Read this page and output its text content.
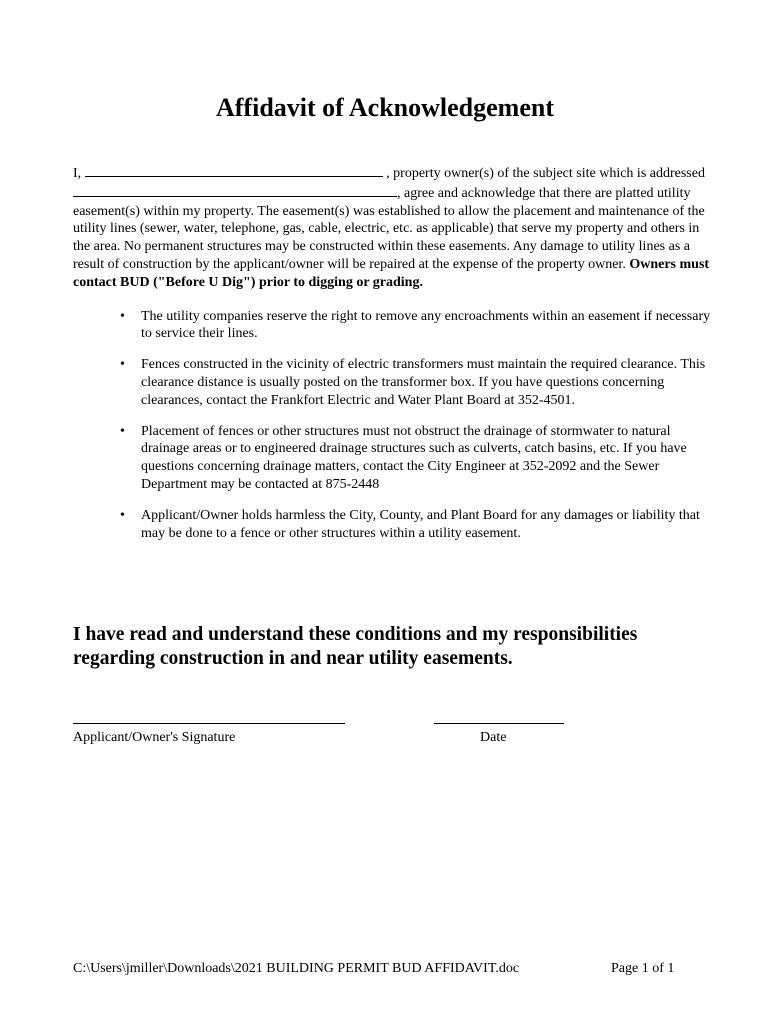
Affidavit of Acknowledgement

I,	, property owner(s) of the subject site which is addressed , agree and acknowledge that there are platted utility easement(s) within my property. The easement(s) was established to allow the placement and maintenance of the utility lines (sewer, water, telephone, gas, cable, electric, etc. as applicable) that serve my property and others in the area. No permanent structures may be constructed within these easements. Any damage to utility lines as a result of construction by the applicant/owner will be repaired at the expense of the property owner. Owners must contact BUD ("Before U Dig") prior to digging or grading.

• The utility companies reserve the right to remove any encroachments within an easement if necessary to service their lines.
• Fences constructed in the vicinity of electric transformers must maintain the required clearance. This clearance distance is usually posted on the transformer box. If you have questions concerning clearances, contact the Frankfort Electric and Water Plant Board at 352-4501.
• Placement of fences or other structures must not obstruct the drainage of stormwater to natural drainage areas or to engineered drainage structures such as culverts, catch basins, etc. If you have questions concerning drainage matters, contact the City Engineer at 352-2092 and the Sewer Department may be contacted at 875-2448
• Applicant/Owner holds harmless the City, County, and Plant Board for any damages or liability that may be done to a fence or other structures within a utility easement.

I have read and understand these conditions and my responsibilities regarding construction in and near utility easements.

Applicant/Owner's Signature	Date
C:\Users\jmiller\Downloads\2021 BUILDING PERMIT BUD AFFIDAVIT.doc	Page 1 of 1
